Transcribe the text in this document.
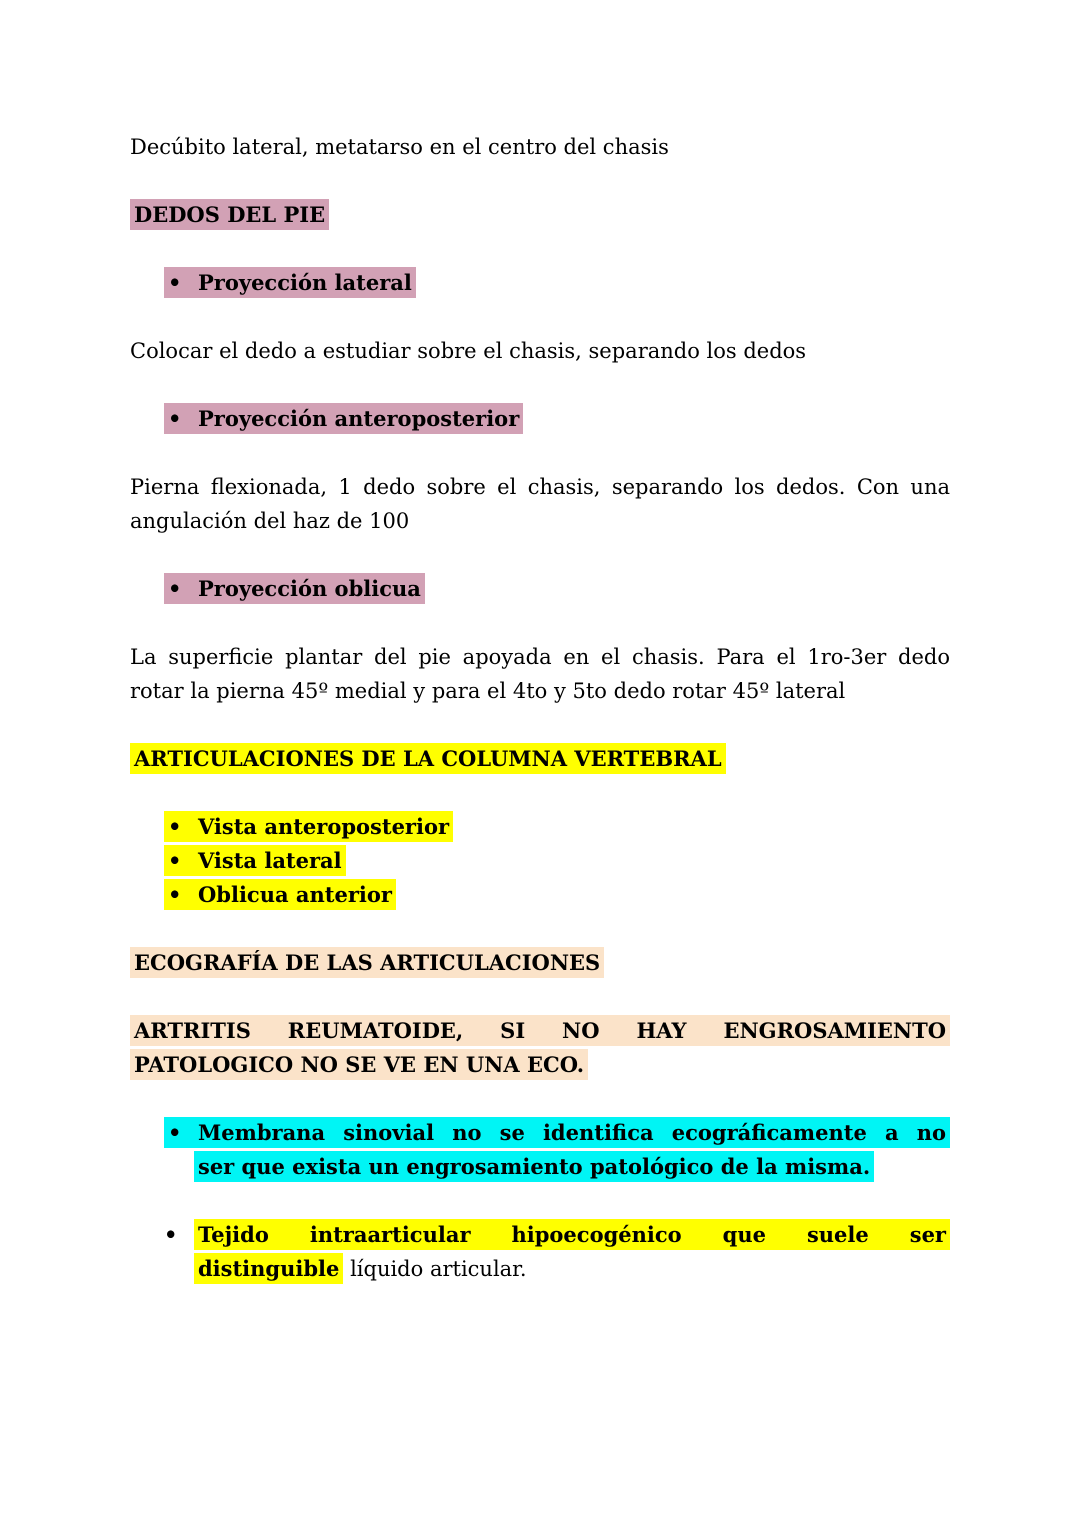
Decúbito lateral, metatarso en el centro del chasis
DEDOS DEL PIE
• Proyección lateral
Colocar el dedo a estudiar sobre el chasis, separando los dedos
• Proyección anteroposterior
Pierna flexionada, 1 dedo sobre el chasis, separando los dedos. Con una
angulación del haz de 100
• Proyección oblicua
La superficie plantar del pie apoyada en el chasis. Para el 1ro-3er dedo
rotar la pierna 45º medial y para el 4to y 5to dedo rotar 45º lateral
ARTICULACIONES DE LA COLUMNA VERTEBRAL
• Vista anteroposterior
• Vista lateral
• Oblicua anterior
ECOGRAFÍA DE LAS ARTICULACIONES
ARTRITIS REUMATOIDE, SI NO HAY ENGROSAMIENTO
PATOLOGICO NO SE VE EN UNA ECO.
• Membrana sinovial no se identifica ecográficamente a no
ser que exista un engrosamiento patológico de la misma.
• Tejido intraarticular hipoecogénico que suele ser
distinguible líquido articular.
